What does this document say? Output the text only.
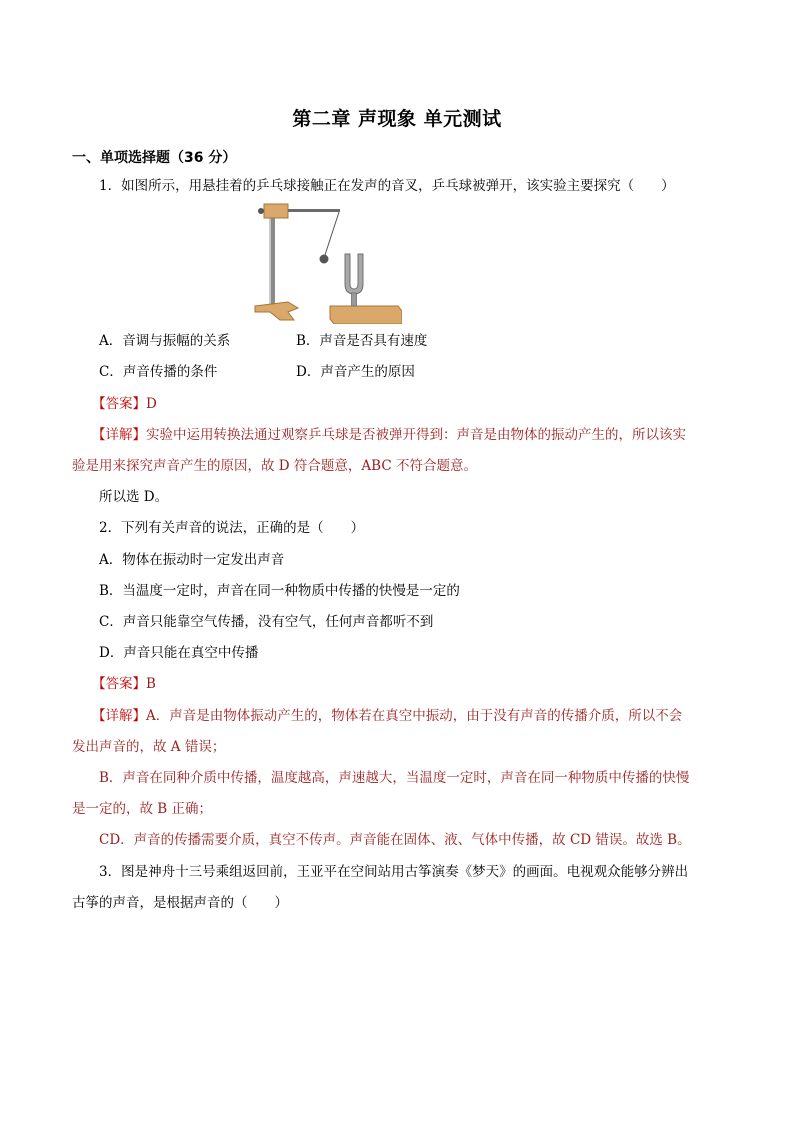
第二章 声现象 单元测试
一、单项选择题（36 分）
1．如图所示，用悬挂着的乒乓球接触正在发声的音叉，乒乓球被弹开，该实验主要探究（　　）
A．音调与振幅的关系	B．声音是否具有速度
C．声音传播的条件	D．声音产生的原因
【答案】D
【详解】实验中运用转换法通过观察乒乓球是否被弹开得到：声音是由物体的振动产生的，所以该实
验是用来探究声音产生的原因，故 D 符合题意，ABC 不符合题意。
所以选 D。
2．下列有关声音的说法，正确的是（　　）
A．物体在振动时一定发出声音
B．当温度一定时，声音在同一种物质中传播的快慢是一定的
C．声音只能靠空气传播，没有空气，任何声音都听不到
D．声音只能在真空中传播
【答案】B
【详解】A．声音是由物体振动产生的，物体若在真空中振动，由于没有声音的传播介质，所以不会
发出声音的，故 A 错误；
B．声音在同种介质中传播，温度越高，声速越大，当温度一定时，声音在同一种物质中传播的快慢
是一定的，故 B 正确；
CD．声音的传播需要介质，真空不传声。声音能在固体、液、气体中传播，故 CD 错误。故选 B。
3．图是神舟十三号乘组返回前，王亚平在空间站用古筝演奏《梦天》的画面。电视观众能够分辨出
古筝的声音，是根据声音的（　　）
